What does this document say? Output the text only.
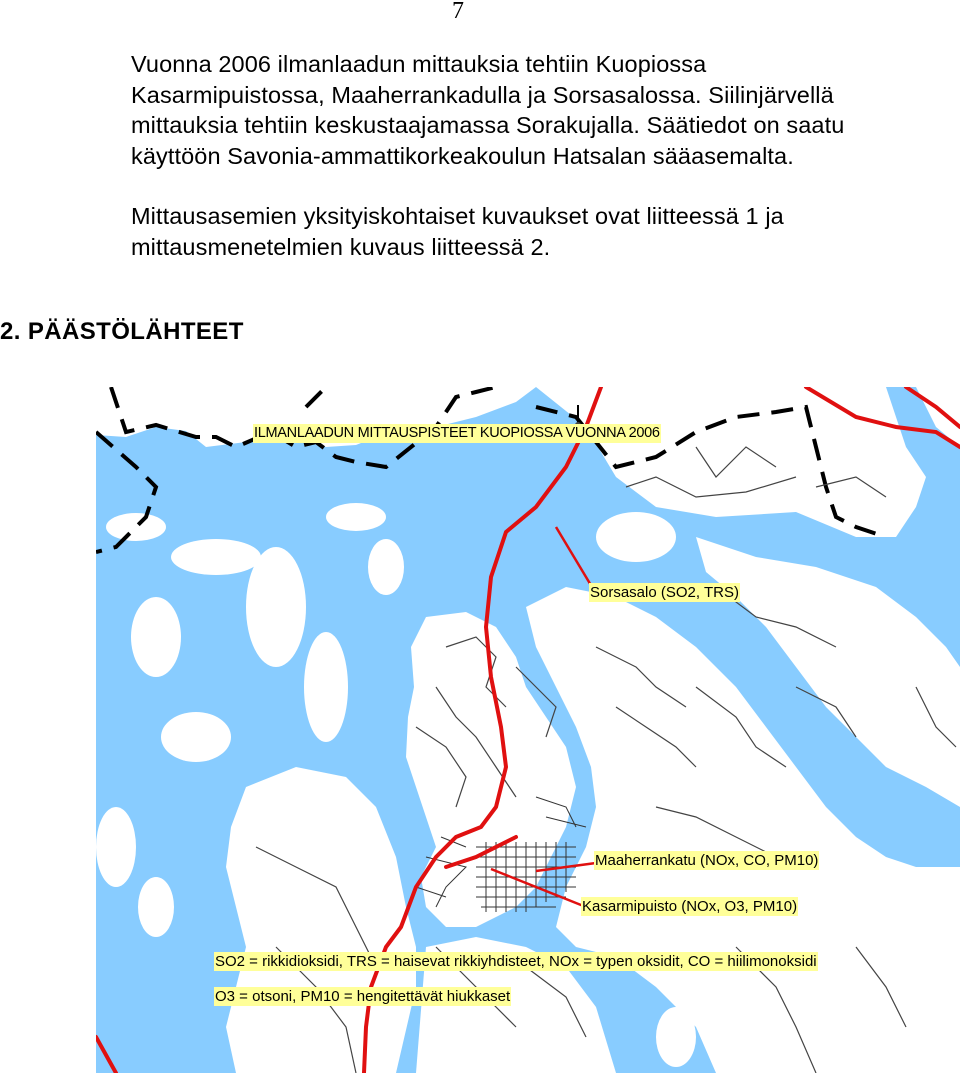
7

Vuonna 2006 ilmanlaadun mittauksia tehtiin Kuopiossa
Kasarmipuistossa, Maaherrankadulla ja Sorsasalossa. Siilinjärvellä
mittauksia tehtiin keskustaajamassa Sorakujalla. Säätiedot on saatu
käyttöön Savonia-ammattikorkeakoulun Hatsalan sääasemalta.

Mittausasemien yksityiskohtaiset kuvaukset ovat liitteessä 1 ja
mittausmenetelmien kuvaus liitteessä 2.

2. PÄÄSTÖLÄHTEET
ILMANLAADUN MITTAUSPISTEET KUOPIOSSA VUONNA 2006
Sorsasalo (SO2, TRS)
Maaherrankatu (NOx, CO, PM10)
Kasarmipuisto (NOx, O3, PM10)
SO2 = rikkidioksidi, TRS = haisevat rikkiyhdisteet, NOx = typen oksidit, CO = hiilimonoksidi
O3 = otsoni, PM10 = hengitettävät hiukkaset
